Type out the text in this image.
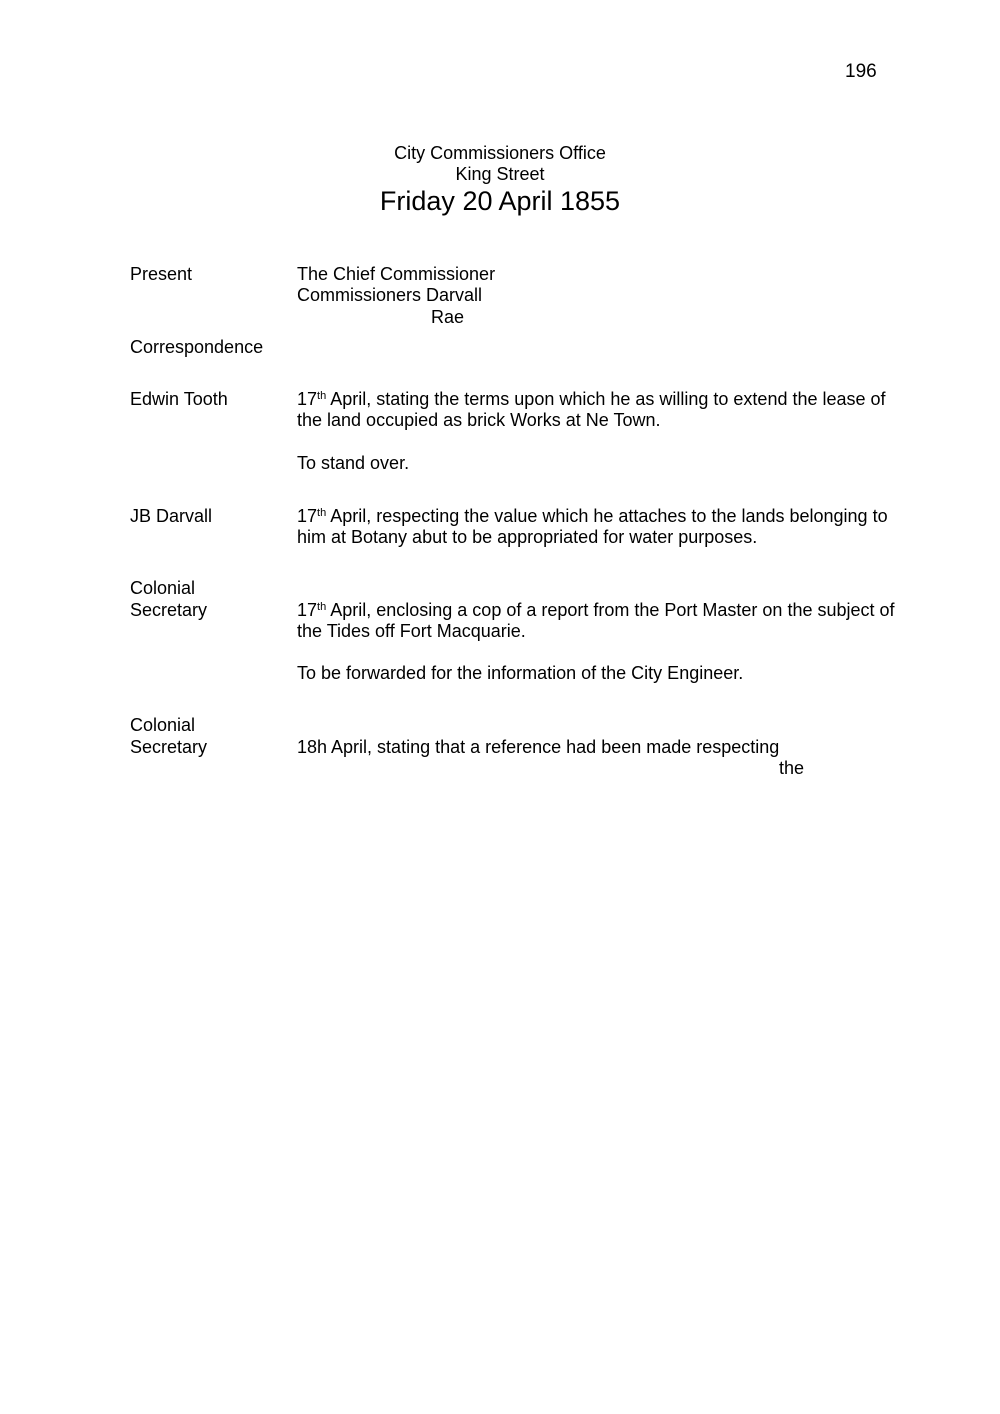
196
City Commissioners Office
King Street
Friday 20 April 1855
Present	The Chief Commissioner
Commissioners Darvall
Rae
Correspondence
Edwin Tooth	17th April, stating the terms upon which he as willing to extend the lease of the land occupied as brick Works at Ne Town.
To stand over.
JB Darvall	17th April, respecting the value which he attaches to the lands belonging to him at Botany abut to be appropriated for water purposes.
Colonial
Secretary	17th April, enclosing a cop of a report from the Port Master on the subject of the Tides off Fort Macquarie.
To be forwarded for the information of the City Engineer.
Colonial
Secretary	18h April, stating that a reference had been made respecting
the
